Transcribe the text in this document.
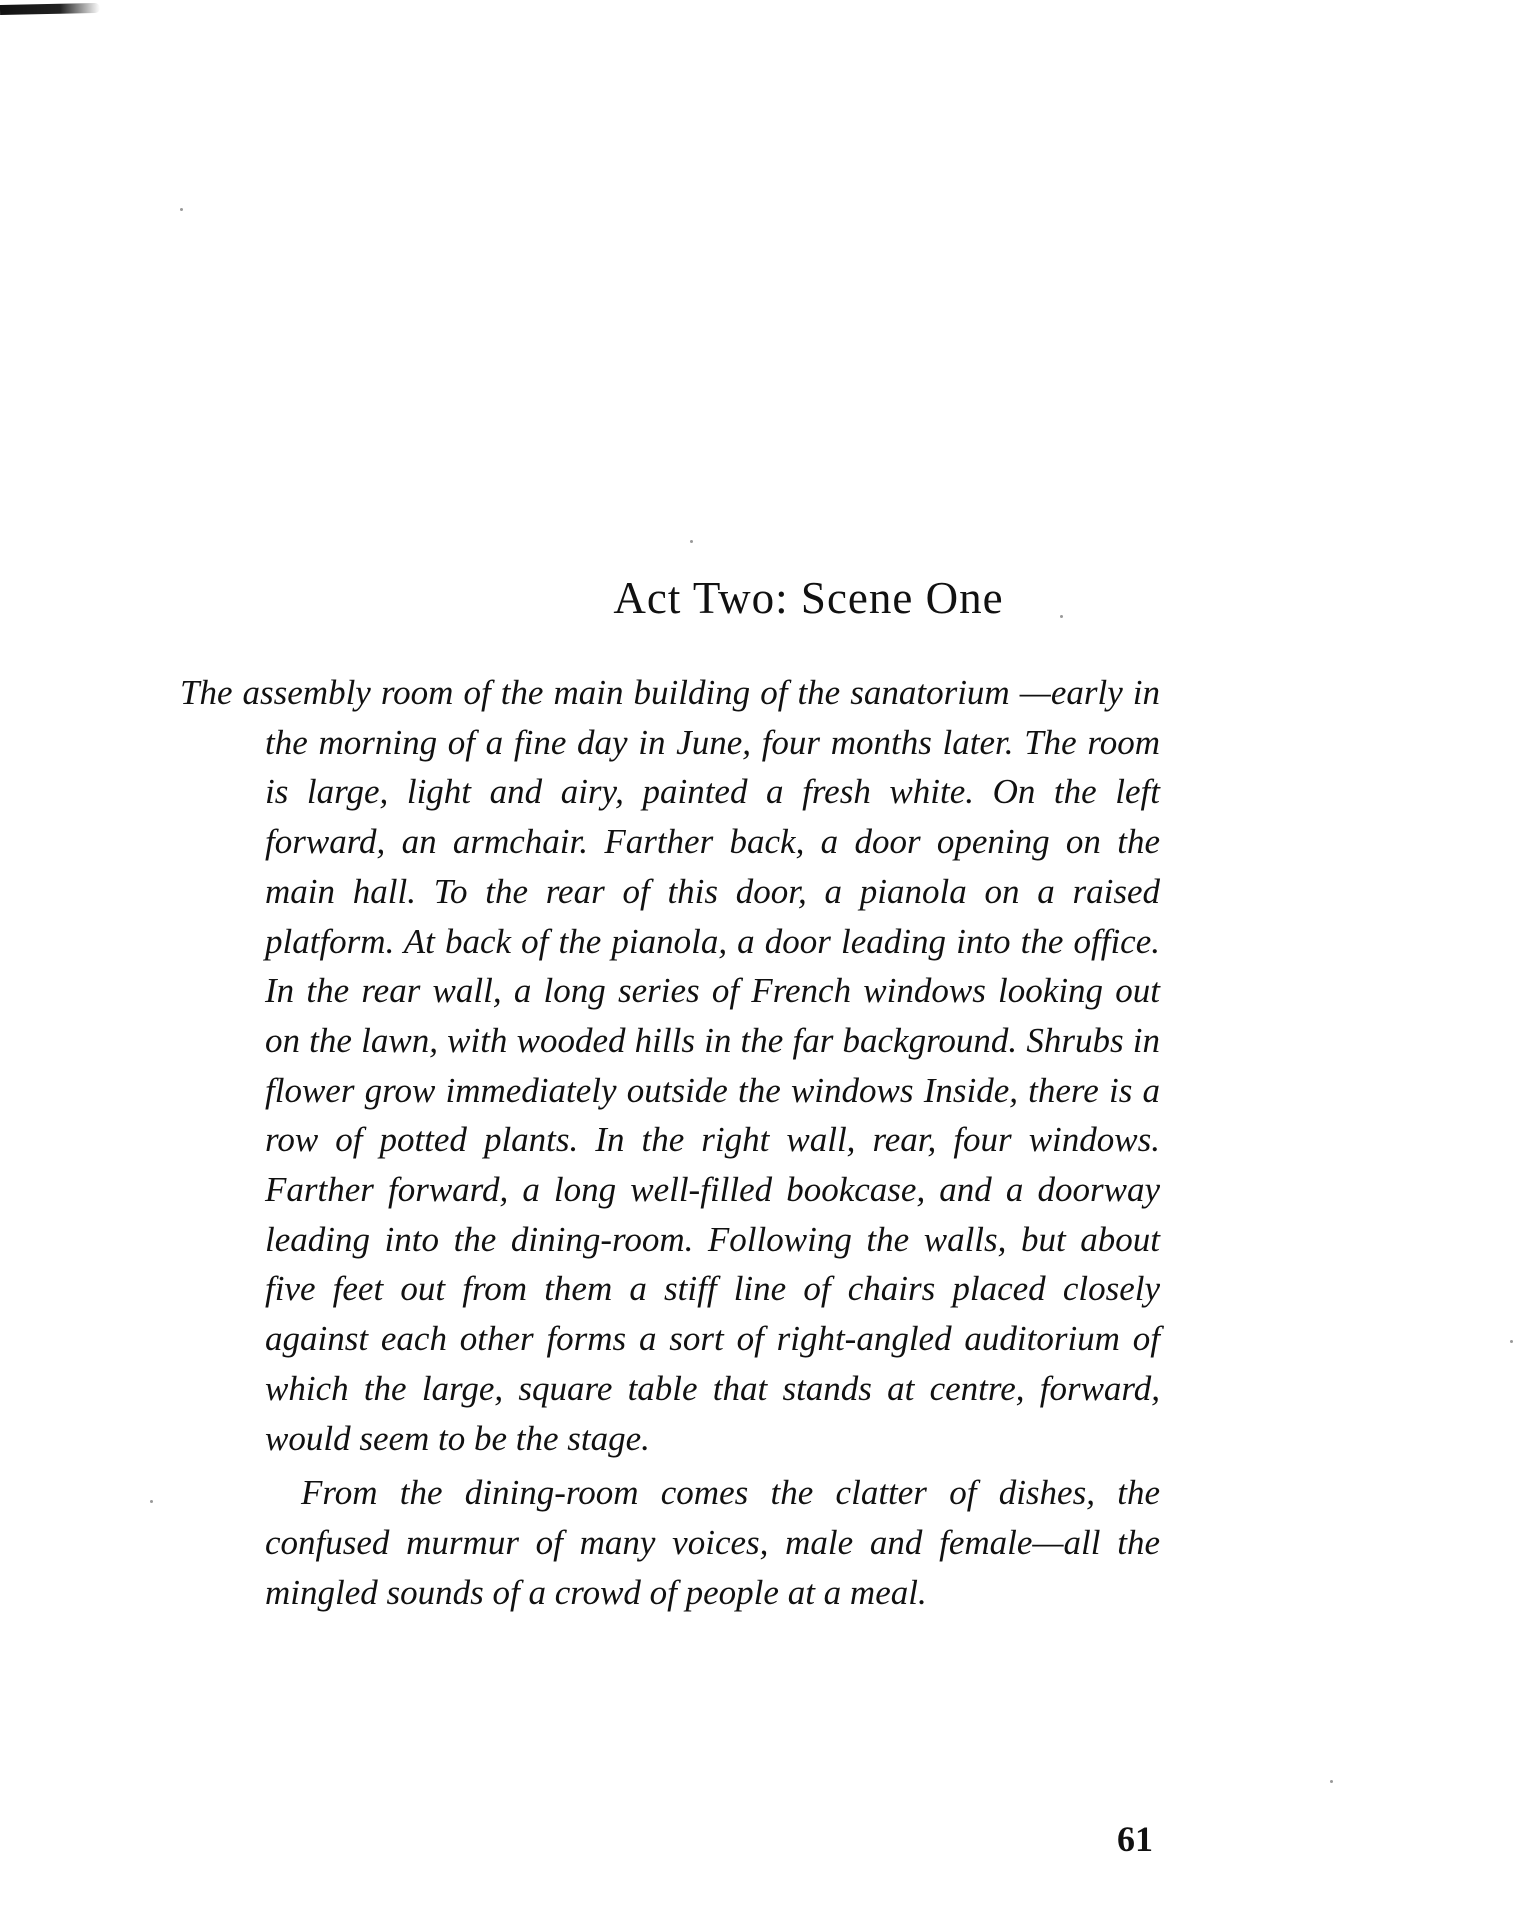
Act Two: Scene One

The assembly room of the main building of the sanatorium —early in the morning of a fine day in June, four months later. The room is large, light and airy, painted a fresh white. On the left forward, an armchair. Farther back, a door opening on the main hall. To the rear of this door, a pianola on a raised platform. At back of the pianola, a door leading into the office. In the rear wall, a long series of French windows looking out on the lawn, with wooded hills in the far background. Shrubs in flower grow immediately outside the windows Inside, there is a row of potted plants. In the right wall, rear, four windows. Farther forward, a long well-filled bookcase, and a doorway leading into the dining-room. Following the walls, but about five feet out from them a stiff line of chairs placed closely against each other forms a sort of right-angled auditorium of which the large, square table that stands at centre, forward, would seem to be the stage.

From the dining-room comes the clatter of dishes, the confused murmur of many voices, male and female—all the mingled sounds of a crowd of people at a meal.

61
